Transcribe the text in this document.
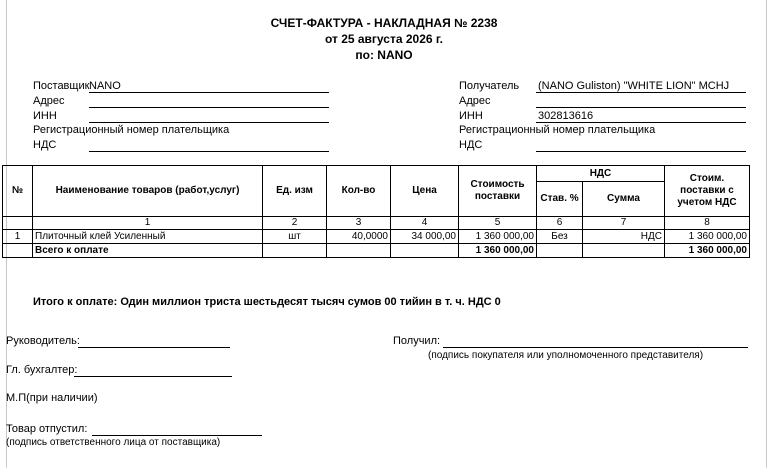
СЧЕТ-ФАКТУРА - НАКЛАДНАЯ № 2238
от 25 августа 2026 г.
по: NANO
Поставщик NANO
Адрес
ИНН
Регистрационный номер плательщика
НДС
Получатель (NANO Guliston) "WHITE LION" MCHJ
Адрес
ИНН	302813616
Регистрационный номер плательщика
НДС
№	Наименование товаров (работ,услуг)	Ед. изм	Кол-во	Цена	Стоимость поставки	НДС		Стоим. поставки с учетом НДС
						Став. %	Сумма	
	1	2	3	4	5	6	7	8
1	Плиточный клей Усиленный	шт	40,0000	34 000,00	1 360 000,00	Без	НДС	1 360 000,00
	Всего к оплате				1 360 000,00			1 360 000,00
Итого к оплате: Один миллион триста шестьдесят тысяч сумов 00 тийин в т. ч. НДС 0
Руководитель:	Получил:
(подпись покупателя или уполномоченного представителя)
Гл. бухгалтер:
М.П(при наличии)
Товар отпустил:
(подпись ответственного лица от поставщика)
